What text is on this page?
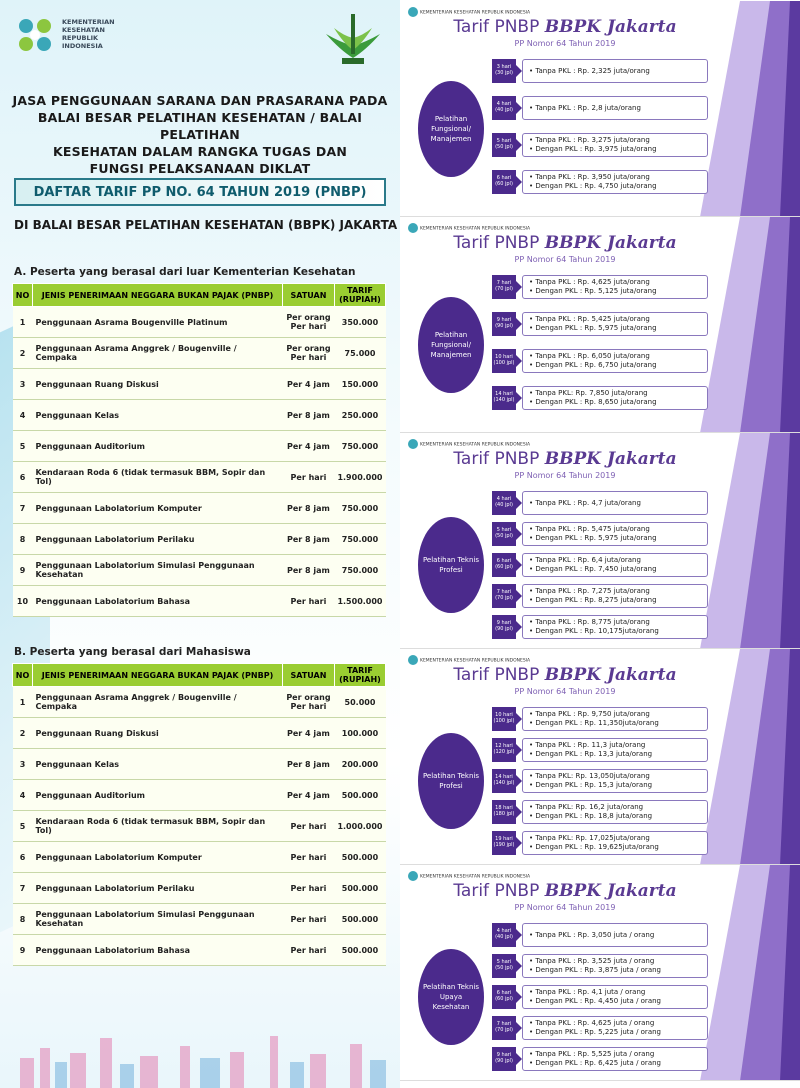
KEMENTERIAN
KESEHATAN
REPUBLIK
INDONESIA
JASA PENGGUNAAN SARANA DAN PRASARANA PADA
BALAI BESAR PELATIHAN KESEHATAN / BALAI PELATIHAN
KESEHATAN DALAM RANGKA TUGAS DAN
FUNGSI PELAKSANAAN DIKLAT
DAFTAR TARIF PP NO. 64 TAHUN 2019 (PNBP)
DI BALAI BESAR PELATIHAN KESEHATAN (BBPK) JAKARTA
A. Peserta yang berasal dari luar Kementerian Kesehatan
NO	JENIS PENERIMAAN NEGGARA BUKAN PAJAK (PNBP)	SATUAN	TARIF (RUPIAH)
1	Penggunaan Asrama Bougenville Platinum	Per orang Per hari	350.000
2	Penggunaan Asrama Anggrek / Bougenville / Cempaka	Per orang Per hari	75.000
3	Penggunaan Ruang Diskusi	Per 4 jam	150.000
4	Penggunaan Kelas	Per 8 jam	250.000
5	Penggunaan Auditorium	Per 4 jam	750.000
6	Kendaraan Roda 6 (tidak termasuk BBM, Sopir dan Tol)	Per hari	1.900.000
7	Penggunaan Labolatorium Komputer	Per 8 jam	750.000
8	Penggunaan Labolatorium Perilaku	Per 8 jam	750.000
9	Penggunaan Labolatorium Simulasi Penggunaan Kesehatan	Per 8 jam	750.000
10	Penggunaan Labolatorium Bahasa	Per hari	1.500.000
B. Peserta yang berasal dari Mahasiswa
NO	JENIS PENERIMAAN NEGGARA BUKAN PAJAK (PNBP)	SATUAN	TARIF (RUPIAH)
1	Penggunaan Asrama Anggrek / Bougenville / Cempaka	Per orang Per hari	50.000
2	Penggunaan Ruang Diskusi	Per 4 jam	100.000
3	Penggunaan Kelas	Per 8 jam	200.000
4	Penggunaan Auditorium	Per 4 jam	500.000
5	Kendaraan Roda 6 (tidak termasuk BBM, Sopir dan Tol)	Per hari	1.000.000
6	Penggunaan Labolatorium Komputer	Per hari	500.000
7	Penggunaan Labolatorium Perilaku	Per hari	500.000
8	Penggunaan Labolatorium Simulasi Penggunaan Kesehatan	Per hari	500.000
9	Penggunaan Labolatorium Bahasa	Per hari	500.000
KEMENTERIAN KESEHATAN REPUBLIK INDONESIA
Tarif PNBP BBPK Jakarta
PP Nomor 64 Tahun 2019
Pelatihan Fungsional/ Manajemen
3 hari (30 jpl)	• Tanpa PKL : Rp. 2,325 juta/orang
4 hari (40 jpl)	• Tanpa PKL : Rp. 2,8 juta/orang
5 hari (50 jpl)
• Tanpa PKL : Rp. 3,275 juta/orang
• Dengan PKL : Rp. 3,975 juta/orang
6 hari (60 jpl)
• Tanpa PKL : Rp. 3,950 juta/orang
• Dengan PKL : Rp. 4,750 juta/orang
KEMENTERIAN KESEHATAN REPUBLIK INDONESIA
Tarif PNBP BBPK Jakarta
PP Nomor 64 Tahun 2019
Pelatihan Fungsional/ Manajemen
7 hari (70 jpl)
• Tanpa PKL : Rp. 4,625 juta/orang
• Dengan PKL : Rp. 5,125 juta/orang
9 hari (90 jpl)
• Tanpa PKL : Rp. 5,425 juta/orang
• Dengan PKL : Rp. 5,975 juta/orang
10 hari (100 jpl)
• Tanpa PKL : Rp. 6,050 juta/orang
• Dengan PKL : Rp. 6,750 juta/orang
14 hari (140 jpl)
• Tanpa PKL: Rp. 7,850 juta/orang
• Dengan PKL : Rp. 8,650 juta/orang
KEMENTERIAN KESEHATAN REPUBLIK INDONESIA
Tarif PNBP BBPK Jakarta
PP Nomor 64 Tahun 2019
Pelatihan Teknis Profesi
4 hari (40 jpl)	• Tanpa PKL : Rp. 4,7 juta/orang
5 hari (50 jpl)
• Tanpa PKL : Rp. 5,475 juta/orang
• Dengan PKL : Rp. 5,975 juta/orang
6 hari (60 jpl)
• Tanpa PKL : Rp. 6,4 juta/orang
• Dengan PKL : Rp. 7,450 juta/orang
7 hari (70 jpl)
• Tanpa PKL : Rp. 7,275 juta/orang
• Dengan PKL : Rp. 8,275 juta/orang
9 hari (90 jpl)
• Tanpa PKL : Rp. 8,775 juta/orang
• Dengan PKL : Rp. 10,175juta/orang
KEMENTERIAN KESEHATAN REPUBLIK INDONESIA
Tarif PNBP BBPK Jakarta
PP Nomor 64 Tahun 2019
Pelatihan Teknis Profesi
10 hari (100 jpl)
• Tanpa PKL : Rp. 9,750 juta/orang
• Dengan PKL : Rp. 11,350juta/orang
12 hari (120 jpl)
• Tanpa PKL : Rp. 11,3 juta/orang
• Dengan PKL : Rp. 13,3 juta/orang
14 hari (140 jpl)
• Tanpa PKL: Rp. 13,050juta/orang
• Dengan PKL : Rp. 15,3 juta/orang
18 hari (180 jpl)
• Tanpa PKL: Rp. 16,2 juta/orang
• Dengan PKL : Rp. 18,8 juta/orang
19 hari (190 jpl)
• Tanpa PKL: Rp. 17,025juta/orang
• Dengan PKL : Rp. 19,625juta/orang
KEMENTERIAN KESEHATAN REPUBLIK INDONESIA
Tarif PNBP BBPK Jakarta
PP Nomor 64 Tahun 2019
Pelatihan Teknis Upaya Kesehatan
4 hari (40 jpl)	• Tanpa PKL : Rp. 3,050 juta / orang
5 hari (50 jpl)
• Tanpa PKL : Rp. 3,525 juta / orang
• Dengan PKL : Rp. 3,875 juta / orang
6 hari (60 jpl)
• Tanpa PKL : Rp. 4,1 juta / orang
• Dengan PKL : Rp. 4,450 juta / orang
7 hari (70 jpl)
• Tanpa PKL : Rp. 4,625 juta / orang
• Dengan PKL : Rp. 5,225 juta / orang
9 hari (90 jpl)
• Tanpa PKL : Rp. 5,525 juta / orang
• Dengan PKL : Rp. 6,425 juta / orang
